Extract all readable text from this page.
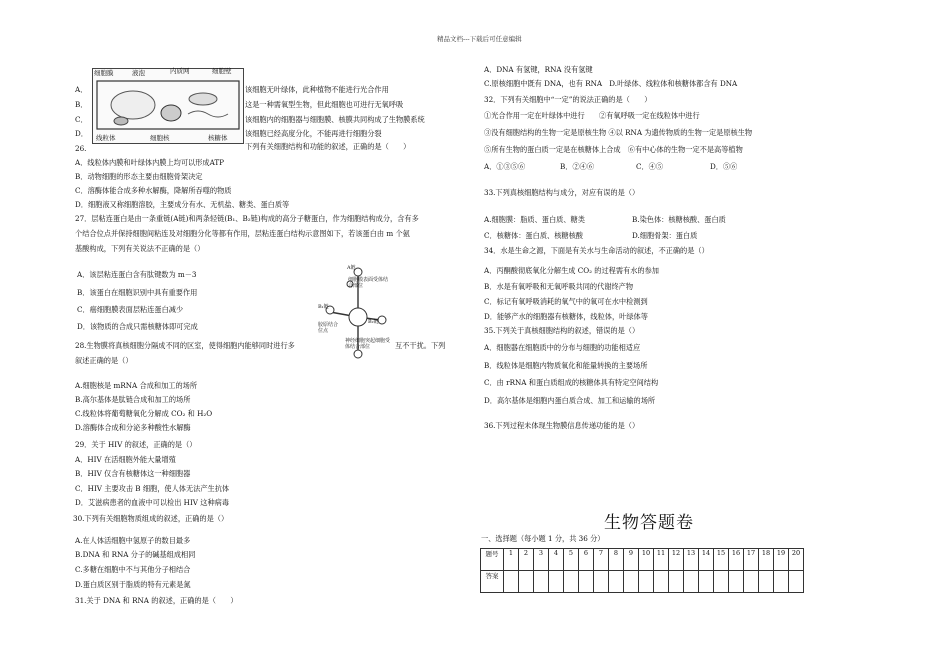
精品文档---下载后可任意编辑
细胞膜	液泡	内质网	细胞壁
线粒体	细胞核	核糖体
A．
B．
C．
D．
该细胞无叶绿体，此种植物不能进行光合作用
这是一种需氧型生物，但此细胞也可进行无氧呼吸
该细胞内的细胞器与细胞膜、核膜共同构成了生物膜系统
该细胞已经高度分化，不能再进行细胞分裂
26.	下列有关细胞结构和功能的叙述，正确的是（　　）
A．线粒体内膜和叶绿体内膜上均可以形成ATP
B．动物细胞的形态主要由细胞骨架决定
C．溶酶体能合成多种水解酶，降解所吞噬的物质
D．细胞液又称细胞溶胶，主要成分有水、无机盐、糖类、蛋白质等
27．层粘连蛋白是由一条重链(A链)和两条轻链(B₁、B₂链)构成的高分子糖蛋白，作为细胞结构成分，含有多
个结合位点并保持细胞间粘连及对细胞分化等都有作用，层粘连蛋白结构示意图如下，若该蛋白由 m 个氨
基酸构成，下列有关说法不正确的是（）
A．该层粘连蛋白含有肽键数为 m－3
B．该蛋白在细胞识别中具有重要作用
C．癌细胞膜表面层粘连蛋白减少
D．该物质的合成只需核糖体即可完成
A链
细胞膜表面受体结合部位
B₁链
B₂链
胶原结合位点
神经细胞突起细胞受体结合部位
28.生物膜将真核细胞分隔成不同的区室，使得细胞内能够同时进行多	互不干扰。下列
叙述正确的是（）
A.细胞核是 mRNA 合成和加工的场所
B.高尔基体是肽链合成和加工的场所
C.线粒体将葡萄糖氧化分解成 CO₂ 和 H₂O
D.溶酶体合成和分泌多种酸性水解酶
29．关于 HIV 的叙述，正确的是（）
A．HIV 在活细胞外能大量增殖
B．HIV 仅含有核糖体这一种细胞器
C．HIV 主要攻击 B 细胞，使人体无法产生抗体
D．艾滋病患者的血液中可以检出 HIV 这种病毒
30.下列有关细胞物质组成的叙述，正确的是（）
A.在人体活细胞中氢原子的数目最多
B.DNA 和 RNA 分子的碱基组成相同
C.多糖在细胞中不与其他分子相结合
D.蛋白质区别于脂质的特有元素是氮
31.关于 DNA 和 RNA 的叙述，正确的是（　　）
A．DNA 有氢键，RNA 没有氢键
C.原核细胞中既有 DNA，也有 RNA　D.叶绿体、线粒体和核糖体都含有 DNA
32．下列有关细胞中“一定”的说法正确的是（　　）
①光合作用一定在叶绿体中进行　　②有氧呼吸一定在线粒体中进行
③没有细胞结构的生物一定是原核生物 ④以 RNA 为遗传物质的生物一定是原核生物
⑤所有生物的蛋白质一定是在核糖体上合成　⑥有中心体的生物一定不是高等植物
A．①③⑤⑥	B．②④⑥	C．④⑤	D．⑤⑥
33.下列真核细胞结构与成分，对应有误的是（）
A.细胞膜：脂质、蛋白质、糖类	B.染色体：核糖核酸、蛋白质
C．核糖体：蛋白质、核糖核酸	D.细胞骨架：蛋白质
34．水是生命之源，下面是有关水与生命活动的叙述，不正确的是（）
A．丙酮酸彻底氧化分解生成 CO₂ 的过程需有水的参加
B．水是有氧呼吸和无氧呼吸共同的代谢终产物
C．标记有氧呼吸消耗的氧气中的氧可在水中检测到
D．能够产水的细胞器有核糖体，线粒体，叶绿体等
35.下列关于真核细胞结构的叙述，错误的是（）
A．细胞器在细胞质中的分布与细胞的功能相适应
B．线粒体是细胞内物质氧化和能量转换的主要场所
C．由 rRNA 和蛋白质组成的核糖体具有特定空间结构
D．高尔基体是细胞内蛋白质合成、加工和运输的场所
36.下列过程未体现生物膜信息传递功能的是（）
生物答题卷
一、选择题（每小题 1 分，共 36 分）
题号	1	2	3	4	5	6	7	8	9	10	11	12	13	14	15	16	17	18	19	20
答案																				
